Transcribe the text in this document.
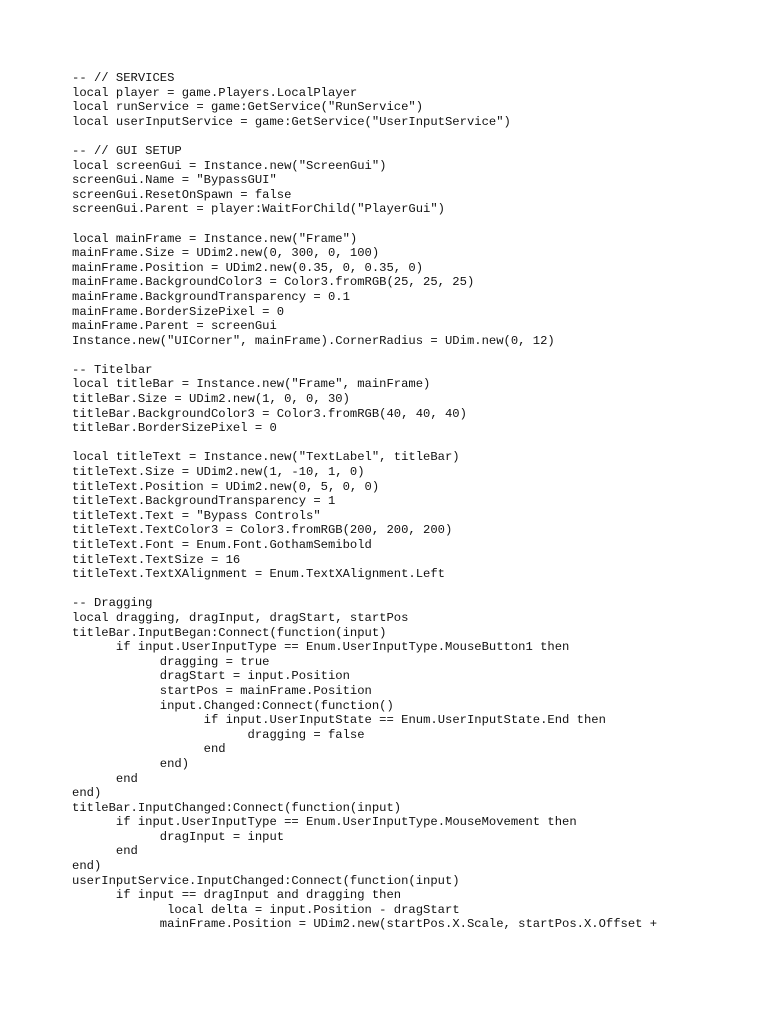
-- // SERVICES
local player = game.Players.LocalPlayer
local runService = game:GetService("RunService")
local userInputService = game:GetService("UserInputService")

-- // GUI SETUP
local screenGui = Instance.new("ScreenGui")
screenGui.Name = "BypassGUI"
screenGui.ResetOnSpawn = false
screenGui.Parent = player:WaitForChild("PlayerGui")

local mainFrame = Instance.new("Frame")
mainFrame.Size = UDim2.new(0, 300, 0, 100)
mainFrame.Position = UDim2.new(0.35, 0, 0.35, 0)
mainFrame.BackgroundColor3 = Color3.fromRGB(25, 25, 25)
mainFrame.BackgroundTransparency = 0.1
mainFrame.BorderSizePixel = 0
mainFrame.Parent = screenGui
Instance.new("UICorner", mainFrame).CornerRadius = UDim.new(0, 12)

-- Titelbar
local titleBar = Instance.new("Frame", mainFrame)
titleBar.Size = UDim2.new(1, 0, 0, 30)
titleBar.BackgroundColor3 = Color3.fromRGB(40, 40, 40)
titleBar.BorderSizePixel = 0

local titleText = Instance.new("TextLabel", titleBar)
titleText.Size = UDim2.new(1, -10, 1, 0)
titleText.Position = UDim2.new(0, 5, 0, 0)
titleText.BackgroundTransparency = 1
titleText.Text = "Bypass Controls"
titleText.TextColor3 = Color3.fromRGB(200, 200, 200)
titleText.Font = Enum.Font.GothamSemibold
titleText.TextSize = 16
titleText.TextXAlignment = Enum.TextXAlignment.Left

-- Dragging
local dragging, dragInput, dragStart, startPos
titleBar.InputBegan:Connect(function(input)
	if input.UserInputType == Enum.UserInputType.MouseButton1 then
		dragging = true
		dragStart = input.Position
		startPos = mainFrame.Position
		input.Changed:Connect(function()
			if input.UserInputState == Enum.UserInputState.End then
				dragging = false
			end
		end)
	end
end)
titleBar.InputChanged:Connect(function(input)
	if input.UserInputType == Enum.UserInputType.MouseMovement then
		dragInput = input
	end
end)
userInputService.InputChanged:Connect(function(input)
	if input == dragInput and dragging then
		local delta = input.Position - dragStart
		mainFrame.Position = UDim2.new(startPos.X.Scale, startPos.X.Offset +
